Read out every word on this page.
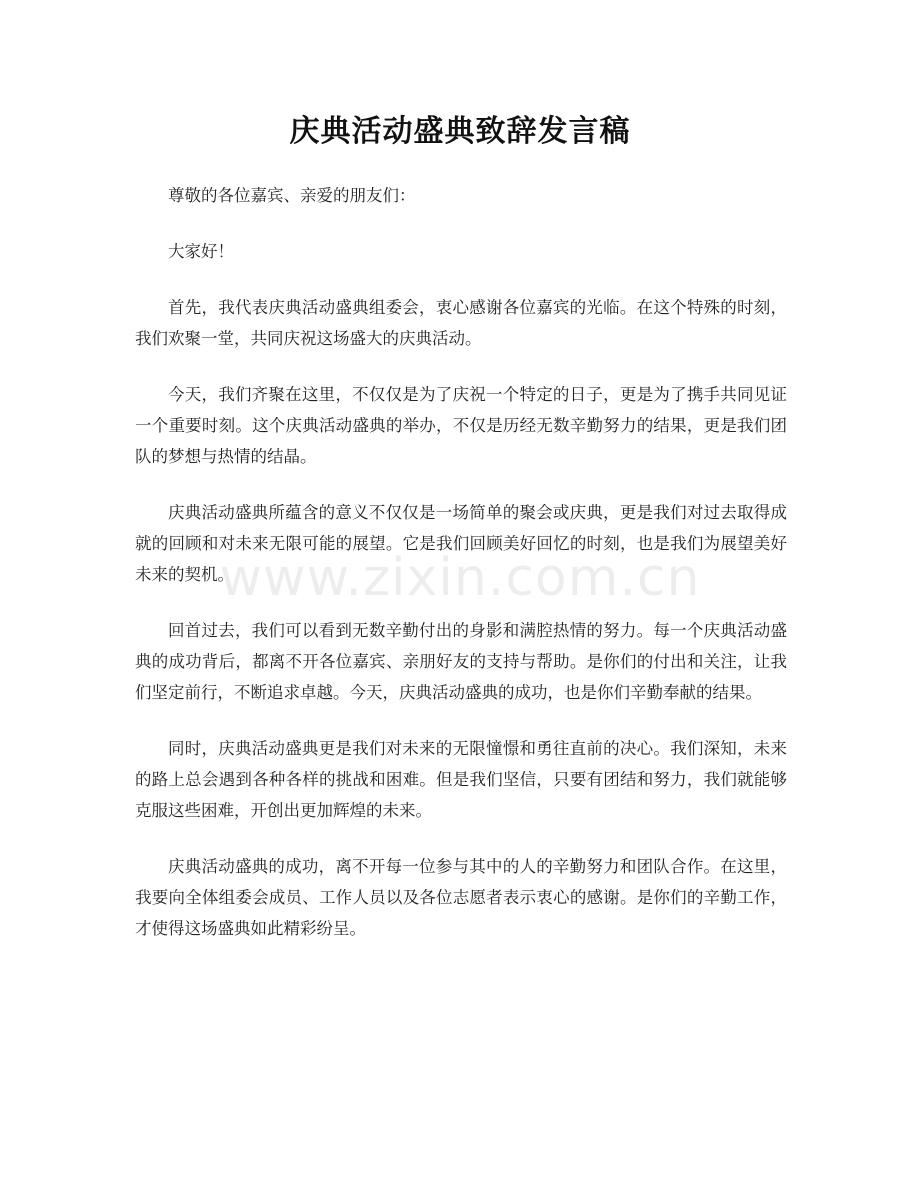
庆典活动盛典致辞发言稿

尊敬的各位嘉宾、亲爱的朋友们：

大家好！

首先，我代表庆典活动盛典组委会，衷心感谢各位嘉宾的光临。在这个特殊的时刻，我们欢聚一堂，共同庆祝这场盛大的庆典活动。

今天，我们齐聚在这里，不仅仅是为了庆祝一个特定的日子，更是为了携手共同见证一个重要时刻。这个庆典活动盛典的举办，不仅是历经无数辛勤努力的结果，更是我们团队的梦想与热情的结晶。

庆典活动盛典所蕴含的意义不仅仅是一场简单的聚会或庆典，更是我们对过去取得成就的回顾和对未来无限可能的展望。它是我们回顾美好回忆的时刻，也是我们为展望美好未来的契机。

回首过去，我们可以看到无数辛勤付出的身影和满腔热情的努力。每一个庆典活动盛典的成功背后，都离不开各位嘉宾、亲朋好友的支持与帮助。是你们的付出和关注，让我们坚定前行，不断追求卓越。今天，庆典活动盛典的成功，也是你们辛勤奉献的结果。

同时，庆典活动盛典更是我们对未来的无限憧憬和勇往直前的决心。我们深知，未来的路上总会遇到各种各样的挑战和困难。但是我们坚信，只要有团结和努力，我们就能够克服这些困难，开创出更加辉煌的未来。

庆典活动盛典的成功，离不开每一位参与其中的人的辛勤努力和团队合作。在这里，我要向全体组委会成员、工作人员以及各位志愿者表示衷心的感谢。是你们的辛勤工作，才使得这场盛典如此精彩纷呈。

www.zixin.com.cn
